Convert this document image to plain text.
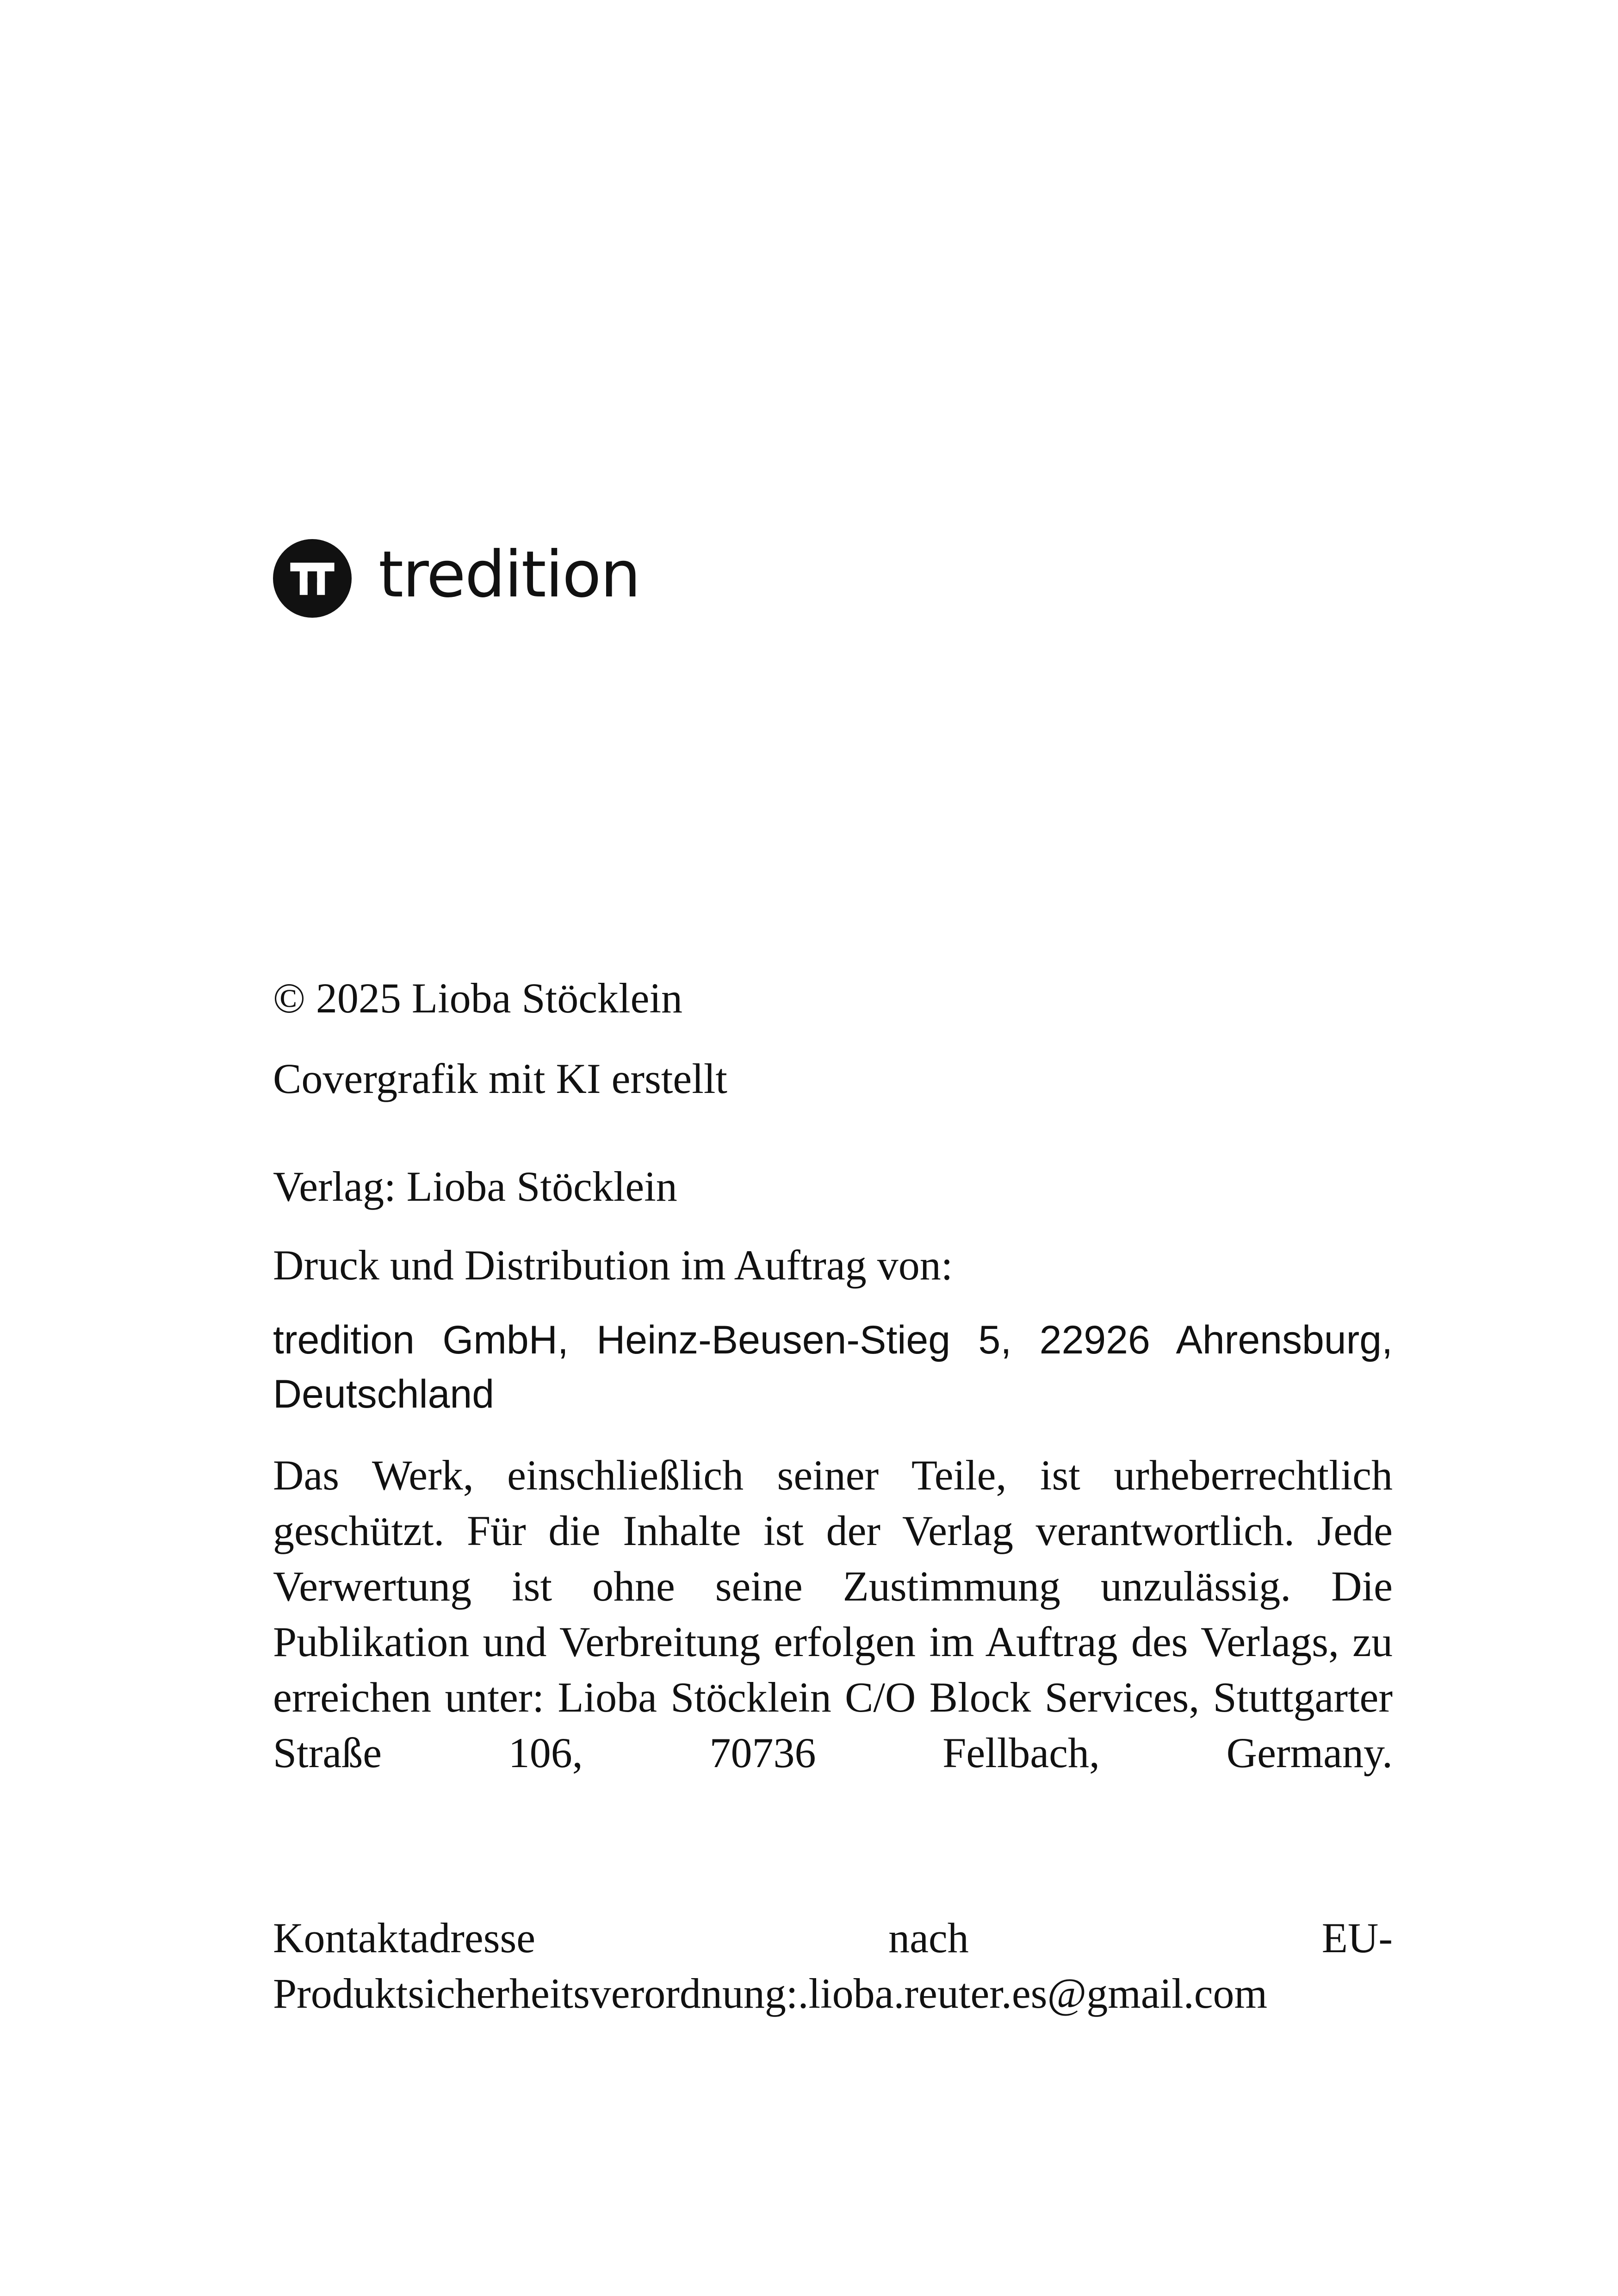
tredition
© 2025 Lioba Stöcklein
Covergrafik mit KI erstellt
Verlag: Lioba Stöcklein
Druck und Distribution im Auftrag von:
tredition GmbH, Heinz-Beusen-Stieg 5, 22926 Ahrensburg, Deutschland
Das Werk, einschließlich seiner Teile, ist urheberrechtlich geschützt. Für die Inhalte ist der Verlag verantwortlich. Jede Verwertung ist ohne seine Zustimmung unzulässig. Die Publikation und Verbreitung erfolgen im Auftrag des Verlags, zu erreichen unter: Lioba Stöcklein C/O Block Services, Stuttgarter Straße 106, 70736 Fellbach, Germany.
Kontaktadresse nach EU-Produktsicherheitsverordnung:.lioba.reuter.es@gmail.com
